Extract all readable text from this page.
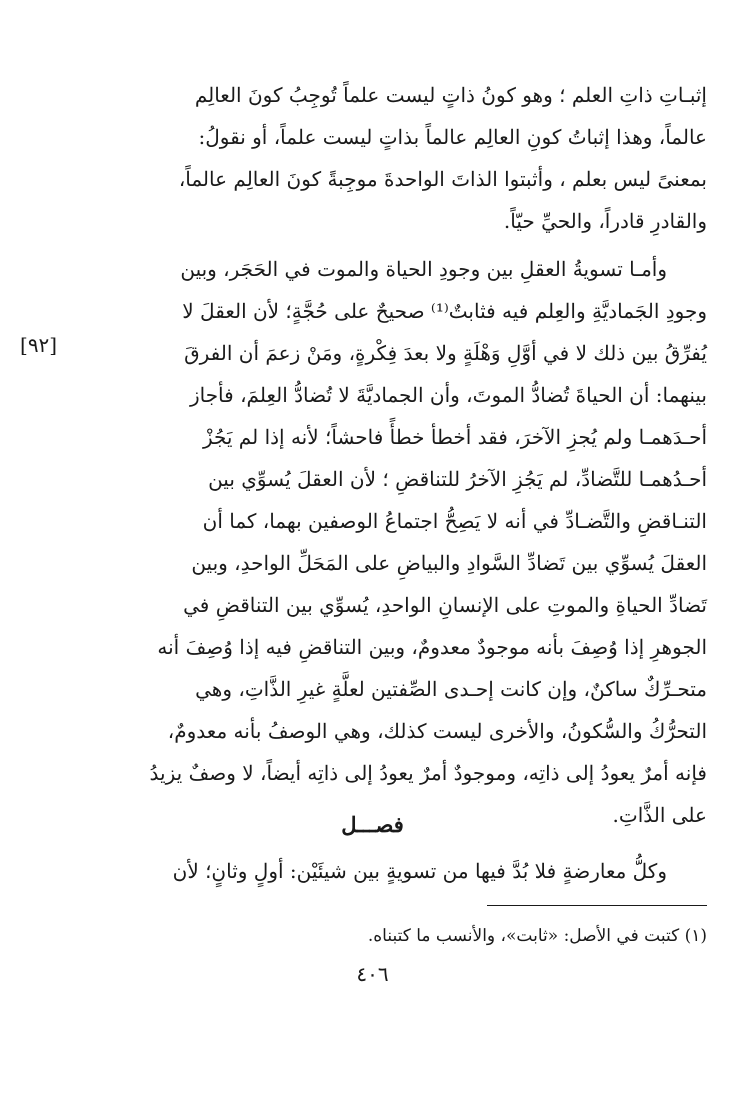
إثبـاتِ ذاتِ العلم ؛ وهو كونُ ذاتٍ ليست علماً تُوجِبُ كونَ العالِم
عالماً، وهذا إثباتُ كونِ العالِم عالماً بذاتٍ ليست علماً، أو نقولُ:
بمعنىً ليس بعلم ، وأثبتوا الذاتَ الواحدةَ موجِبةً كونَ العالِم عالماً،
والقادرِ قادراً، والحيِّ حيّاً.
[٩٢]
وأمـا تسويةُ العقلِ بين وجودِ الحياة والموت في الحَجَر، وبين
وجودِ الجَماديَّةِ والعِلم فيه فثابتٌ⁽¹⁾ صحيحٌ على حُجَّةٍ؛ لأن العقلَ لا
يُفرِّقُ بين ذلك لا في أوَّلِ وَهْلَةٍ ولا بعدَ فِكْرةٍ، ومَنْ زعمَ أن الفرقَ
بينهما: أن الحياةَ تُضادُّ الموتَ، وأن الجماديَّةَ لا تُضادُّ العِلمَ، فأجاز
أحـدَهمـا ولم يُجزِ الآخرَ، فقد أخطأ خطأً فاحشاً؛ لأنه إذا لم يَجُزْ
أحـدُهمـا للتَّضادِّ، لم يَجُزِ الآخرُ للتناقضِ ؛ لأن العقلَ يُسوِّي بين
التنـاقضِ والتَّضـادِّ في أنه لا يَصِحُّ اجتماعُ الوصفين بهما، كما أن
العقلَ يُسوِّي بين تَضادِّ السَّوادِ والبياضِ على المَحَلِّ الواحدِ، وبين
تَضادِّ الحياةِ والموتِ على الإنسانِ الواحدِ، يُسوِّي بين التناقضِ في
الجوهرِ إذا وُصِفَ بأنه موجودٌ معدومٌ، وبين التناقضِ فيه إذا وُصِفَ أنه
متحـرِّكٌ ساكنٌ، وإن كانت إحـدى الصِّفتين لعلَّةٍ غيرِ الذَّاتِ، وهي
التحرُّكُ والسُّكونُ، والأخرى ليست كذلك، وهي الوصفُ بأنه معدومٌ،
فإنه أمرٌ يعودُ إلى ذاتِه، وموجودٌ أمرٌ يعودُ إلى ذاتِه أيضاً، لا وصفٌ يزيدُ
على الذَّاتِ.
فصـــل
وكلُّ معارضةٍ فلا بُدَّ فيها من تسويةٍ بين شيئَيْن: أولٍ وثانٍ؛ لأن
(١) كتبت في الأصل: «ثابت»، والأنسب ما كتبناه.
٤٠٦
